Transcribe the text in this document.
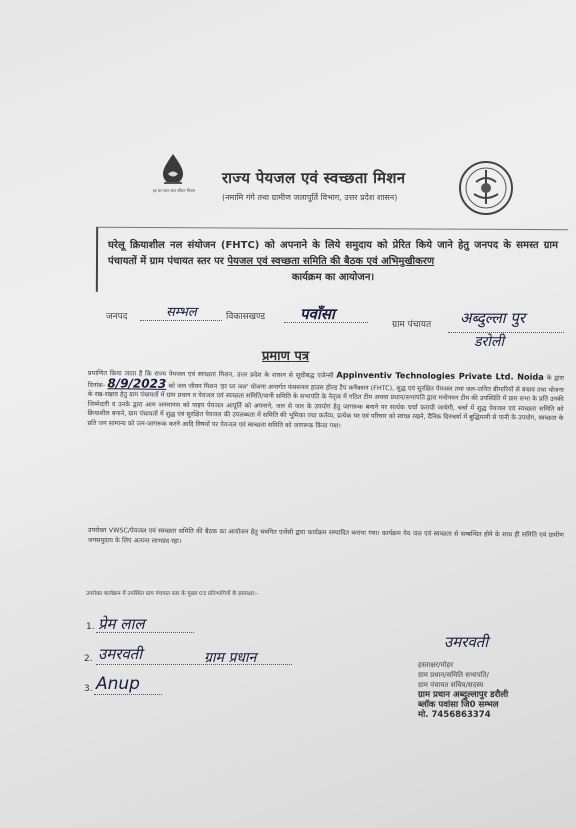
हर घर जल जल जीवन मिशन
राज्य पेयजल एवं स्वच्छता मिशन
(नमामि गंगे तथा ग्रामीण जलापूर्ति विभाग, उत्तर प्रदेश शासन)
घरेलू क्रियाशील नल संयोजन (FHTC) को अपनाने के लिये समुदाय को प्रेरित किये जाने हेतु जनपद के समस्त ग्राम पंचायतों में ग्राम पंचायत स्तर पर पेयजल एवं स्वच्छता समिति की बैठक एवं अभिमुखीकरण
कार्यक्रम का आयोजन।
जनपद	सम्भल	विकासखण्ड पवाँसा
ग्राम पंचायत अब्दुल्ला पुर
डरोली
प्रमाण पत्र
प्रमाणित किया जाता है कि राज्य पेयजल एवं स्वच्छता मिशन, उत्तर प्रदेश के शासन से सूचीबद्ध एजेन्सी Appinventiv Technologies Private Ltd. Noida के द्वारा दिनांक- 8/9/2023 को जल जीवन मिशन 'हर घर जल' योजना अन्तर्गत फंक्शनल हाउस होल्ड टैप कनैक्शन (FHTC), शुद्ध एवं सुरक्षित पेयजल तथा जल-जनित बीमारियों से बचाव तथा योजना के रख-रखाव हेतु ग्राम पंचायतों में ग्राम प्रधान व पेयजल एवं स्वच्छता समिति/पानी समिति के सभापति के नेतृत्व में गठित टीम अथवा प्रधान/सभापति द्वारा मनोनयन टीम की उपस्थिति में ग्राम सभा के प्रति उनकी जिम्मेदारी व उनके द्वारा आम जनमानस को पाइप पेयजल आपूर्ति को अपनाने, जल से जल के उपयोग हेतु जागरूक बनाने पर सार्थक चर्चा करायी जायेगी, चर्चा में शुद्ध पेयजल एवं स्वच्छता समिति को क्रियाशील बनाने, ग्राम पंचायतों में शुद्ध एवं सुरक्षित पेयजल की उपलब्धता में समिति की भूमिका तथा कर्तव्य, प्रत्येक घर एवं परिवार को स्वच्छ रखने, दैनिक दिनचर्या में बुद्धिमानी से पानी के उपयोग, स्वच्छता के प्रति जन सामान्य को जन-जागरूक करने आदि विषयों पर पेयजल एवं स्वच्छता समिति को जागरूक किया गया।
उपरोक्त VWSC/पेयजल एवं स्वच्छता समिति की बैठक का आयोजन हेतु चयनित एजेंसी द्वारा कार्यक्रम सम्पादित कराया गया। कार्यक्रम पेय जल एवं स्वच्छता से सम्बन्धित होने के साथ ही समिति एवं ग्रामीण जनसमुदाय के लिए अत्यन्त लाभप्रद रहा।
उपरोक्त कार्यक्रम में उपस्थित ग्राम पंचायत स्तर के मुख्य 03 प्रतिभागियों के हस्ताक्षर:-
1. प्रेम लाल
2. उमरवती	ग्राम प्रधान
3. Anup
उमरवती
हस्ताक्षर/मोहर
ग्राम प्रधान/समिति सभापति/
ग्राम पंचायत सचिव/सदस्य
ग्राम प्रधान अब्दुल्लापुर डरौली
ब्लॉक पवांसा जि0 सम्भल
मो. 7456863374
